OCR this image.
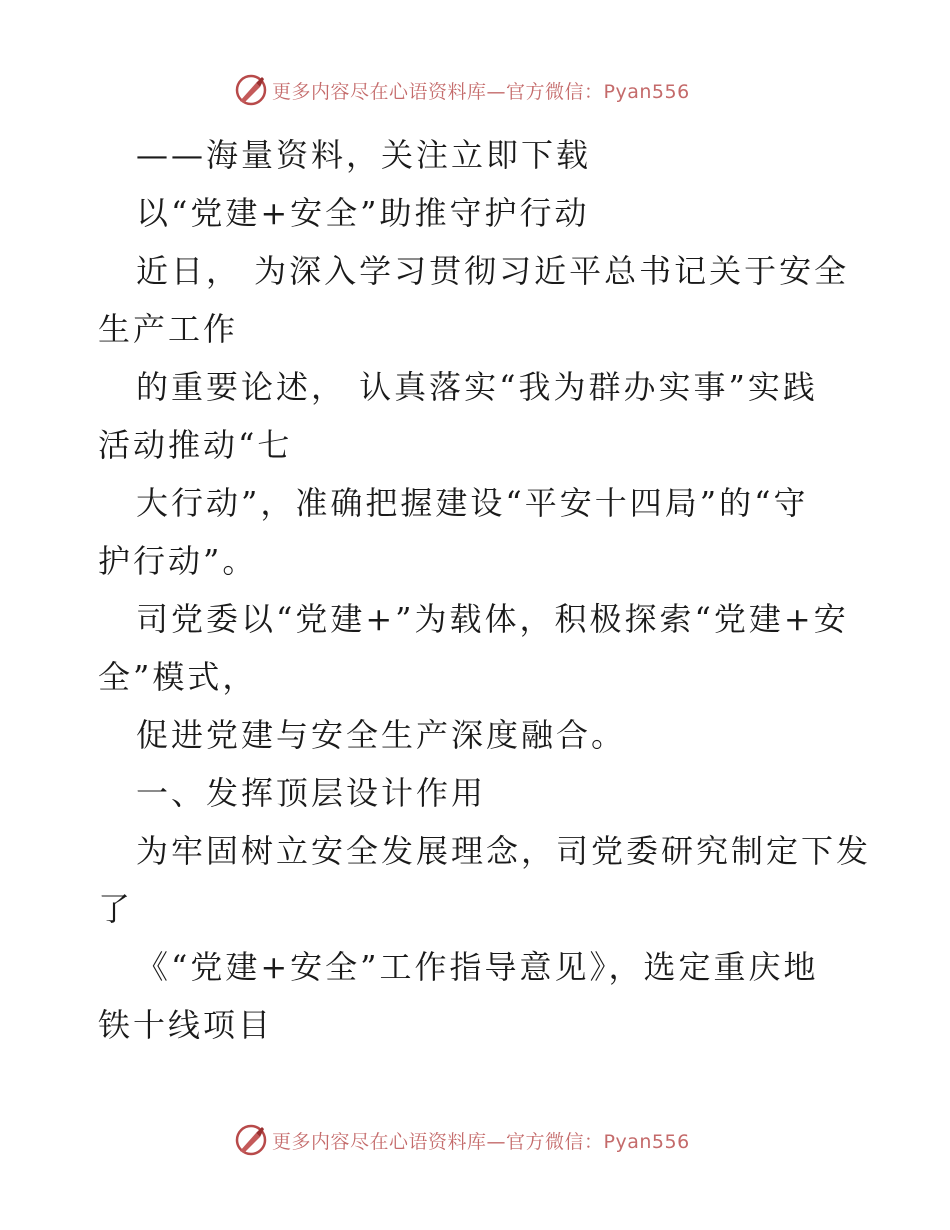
更多内容尽在心语资料库—官方微信：Pyan556
——海量资料，关注立即下载
以“党建+安全”助推守护行动
近日， 为深入学习贯彻习近平总书记关于安全
生产工作
的重要论述， 认真落实“我为群办实事”实践
活动推动“七
大行动”，准确把握建设“平安十四局”的“守
护行动”。
司党委以“党建+”为载体，积极探索“党建+安
全”模式，
促进党建与安全生产深度融合。
一、发挥顶层设计作用
为牢固树立安全发展理念，司党委研究制定下发
了
《“党建+安全”工作指导意见》，选定重庆地
铁十线项目
更多内容尽在心语资料库—官方微信：Pyan556
